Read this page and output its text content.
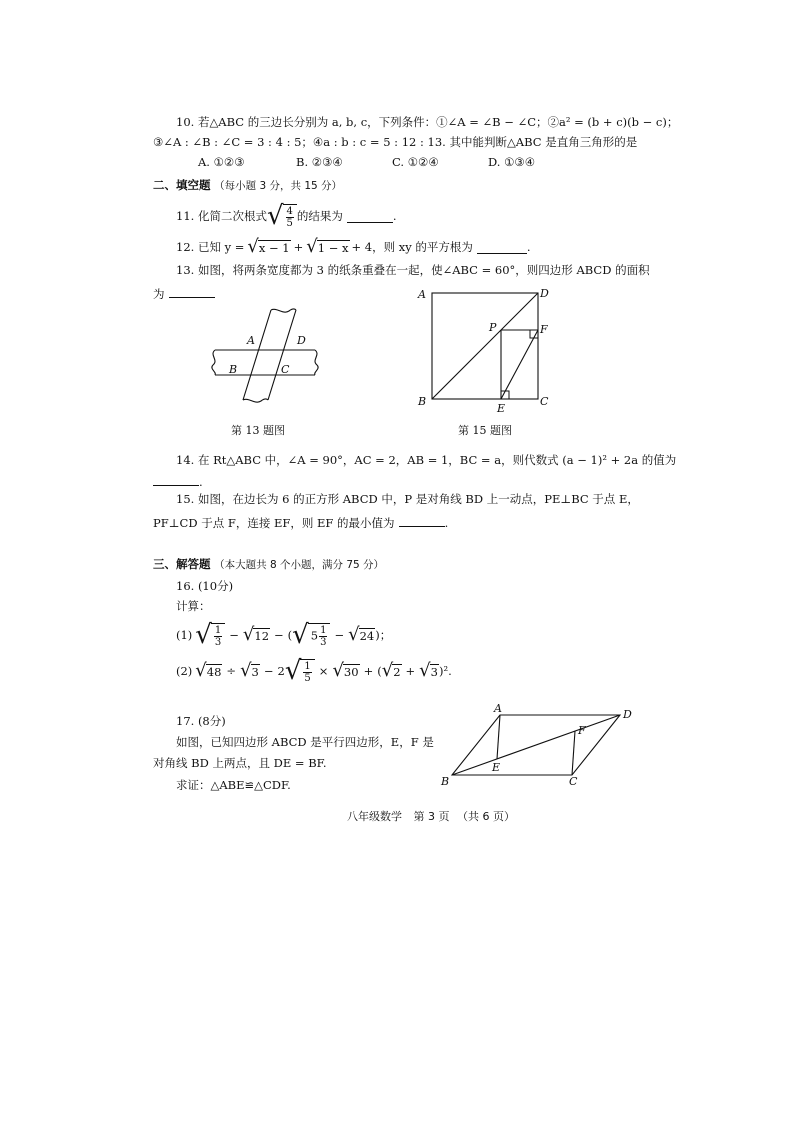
10. 若△ABC 的三边长分别为 a, b, c，下列条件：①∠A = ∠B − ∠C；②a² = (b + c)(b − c)；
③∠A : ∠B : ∠C = 3 : 4 : 5；④a : b : c = 5 : 12 : 13. 其中能判断△ABC 是直角三角形的是
A. ①②③	B. ②③④	C. ①②④	D. ①③④
二、填空题 （每小题 3 分，共 15 分）
11. 化简二次根式 √ $\frac{4}{5}$ 的结果为	.
12. 已知 y = √ x − 1 + √ 1 − x + 4，则 xy 的平方根为	.
13. 如图，将两条宽度都为 3 的纸条重叠在一起，使∠ABC = 60°，则四边形 ABCD 的面积
为
A	D
B	C
第 13 题图
A	D
P	F
B
E
C
第 15 题图
14. 在 Rt△ABC 中，∠A = 90°，AC = 2，AB = 1，BC = a，则代数式 (a − 1)² + 2a 的值为
.
15. 如图，在边长为 6 的正方形 ABCD 中，P 是对角线 BD 上一动点，PE⊥BC 于点 E，
PF⊥CD 于点 F，连接 EF，则 EF 的最小值为	.
三、解答题 （本大题共 8 个小题，满分 75 分）
16. (10分)
计算：
(1) √ $\frac{1}{3}$ − √ 12 − ( √ $5 \frac{1}{3}$ − √ 24 )；
(2) √ 48 ÷ √ 3 − 2 √ $\frac{1}{5}$ × √ 30 + ( √ 2 + √ 3 )² .
17. (8分)
如图，已知四边形 ABCD 是平行四边形，E，F 是
对角线 BD 上两点，且 DE = BF.
求证：△ABE≌△CDF.
A	D
F
E
B	C
八年级数学 第 3 页 （共 6 页）
